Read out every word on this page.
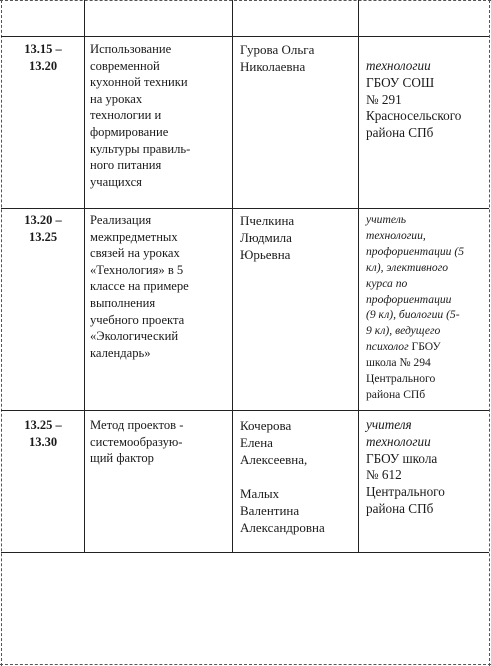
13.15 –
13.20
Использование
современной
кухонной техники
на уроках
технологии и
формирование
культуры правиль-
ного питания
учащихся
Гурова Ольга
Николаевна	технологии
ГБОУ СОШ
№ 291
Красносельского
района СПб
13.20 –
13.25
Реализация
межпредметных
связей на уроках
«Технология» в 5
классе на примере
выполнения
учебного проекта
«Экологический
календарь»
Пчелкина
Людмила
Юрьевна
учитель
технологии,
профориентации (5
кл), элективного
курса по
профориентации
(9 кл), биологии (5-
9 кл), ведущего
психолог ГБОУ
школа № 294
Центрального
района СПб
13.25 –
13.30
Метод проектов -
системообразую-
щий фактор
Кочерова
Елена
Алексеевна,
Малых
Валентина
Александровна
учителя
технологии
ГБОУ школа
№ 612
Центрального
района СПб
